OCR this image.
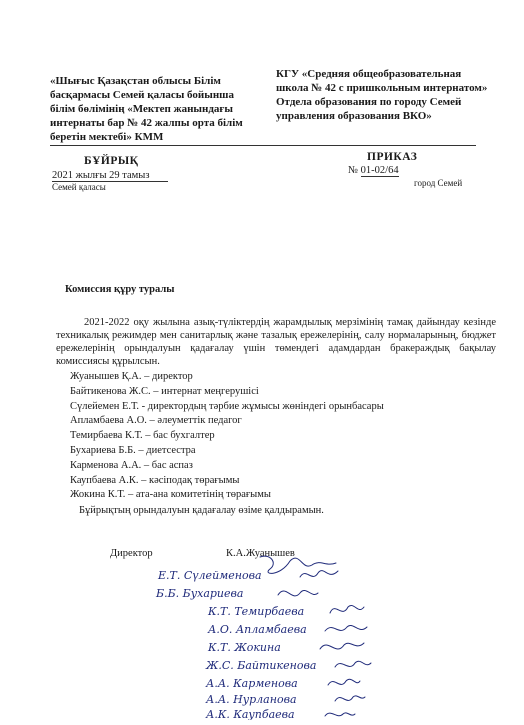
«Шығыс Қазақстан облысы Білім басқармасы Семей қаласы бойынша білім бөлімінің «Мектеп жанындағы интернаты бар № 42 жалпы орта білім беретін мектебі» КММ
КГУ «Средняя общеобразовательная школа № 42 с пришкольным интернатом» Отдела образования по городу Семей управления образования ВКО»
БҰЙРЫҚ	ПРИКАЗ
2021 жылғы 29 тамыз	№ 01-02/64
Семей қаласы	город Семей
Комиссия құру туралы
2021-2022 оқу жылына азық-түліктердің жарамдылық мерзімінің тамақ дайындау кезінде техникалық режимдер мен санитарлық және тазалық ережелерінің, салу нормаларының, бюджет ережелерінің орындалуын қадағалау үшін төмендегі адамдардан бракераждық бақылау комиссиясы құрылсын.
Жуанышев Қ.А. – директор
Байтикенова Ж.С. – интернат меңгерушісі
Сүлейемен Е.Т. - директордың тәрбие жұмысы жөніндегі орынбасары
Апламбаева А.О. – әлеуметтік педагог
Темирбаева К.Т. – бас бухгалтер
Бухариева Б.Б. – диетсестра
Карменова А.А. – бас аспаз
Каупбаева А.К. – кәсіподақ төрағымы
Жокина К.Т. – ата-ана комитетінің төрағымы
Бұйрықтың орындалуын қадағалау өзіме қалдырамын.
Директор	К.А.Жуанышев
Е.Т. Сүлейменова
Б.Б. Бухариева
К.Т. Темирбаева
А.О. Апламбаева
К.Т. Жокина
Ж.С. Байтикенова
А.А. Карменова
А.А. Нурланова
А.К. Каупбаева
